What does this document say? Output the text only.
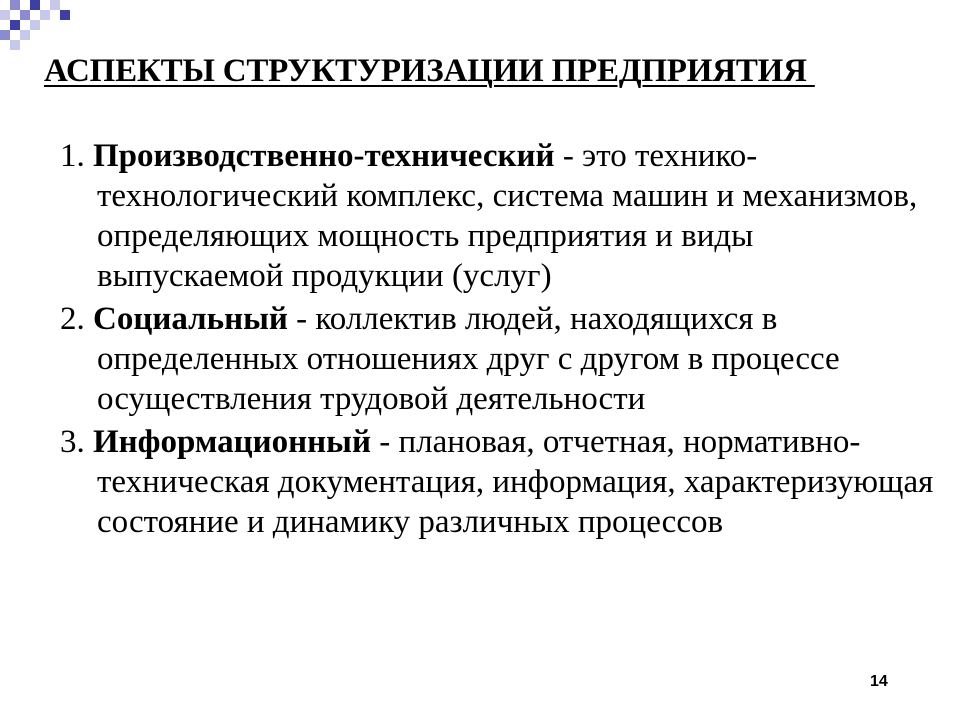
АСПЕКТЫ СТРУКТУРИЗАЦИИ ПРЕДПРИЯТИЯ
1. Производственно-технический - это технико-технологический комплекс, система машин и механизмов, определяющих мощность предприятия и виды выпускаемой продукции (услуг)
2. Социальный - коллектив людей, находящихся в определенных отношениях друг с другом в процессе осуществления трудовой деятельности
3. Информационный - плановая, отчетная, нормативно-техническая документация, информация, характеризующая состояние и динамику различных процессов
14
